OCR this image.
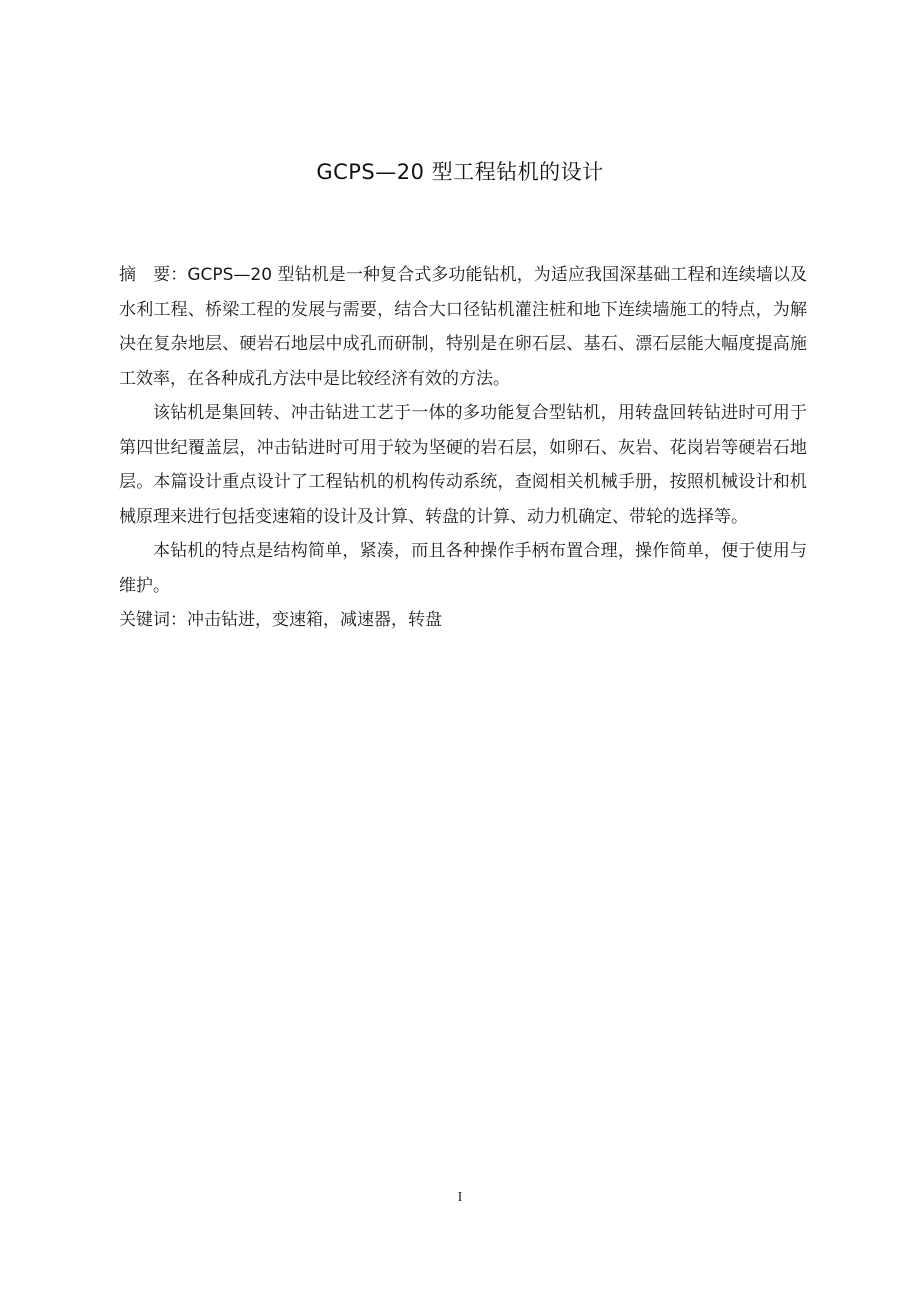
GCPS—20 型工程钻机的设计

摘 要：GCPS—20 型钻机是一种复合式多功能钻机，为适应我国深基础工程和连续墙以及水利工程、桥梁工程的发展与需要，结合大口径钻机灌注桩和地下连续墙施工的特点，为解决在复杂地层、硬岩石地层中成孔而研制，特别是在卵石层、基石、漂石层能大幅度提高施工效率，在各种成孔方法中是比较经济有效的方法。

该钻机是集回转、冲击钻进工艺于一体的多功能复合型钻机，用转盘回转钻进时可用于第四世纪覆盖层，冲击钻进时可用于较为坚硬的岩石层，如卵石、灰岩、花岗岩等硬岩石地层。本篇设计重点设计了工程钻机的机构传动系统，查阅相关机械手册，按照机械设计和机械原理来进行包括变速箱的设计及计算、转盘的计算、动力机确定、带轮的选择等。

本钻机的特点是结构简单，紧凑，而且各种操作手柄布置合理，操作简单，便于使用与维护。

关键词：冲击钻进，变速箱，减速器，转盘

I
